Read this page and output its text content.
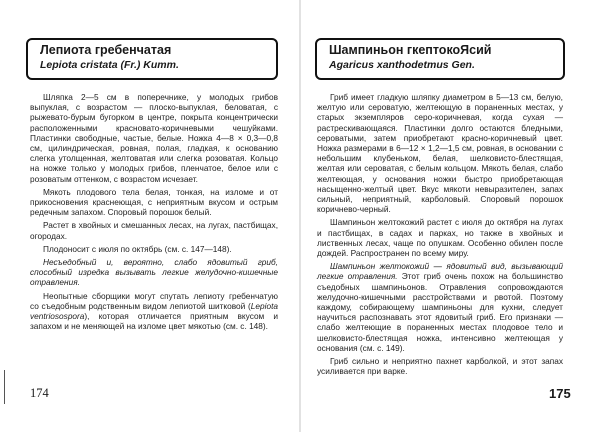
Лепиота гребенчатая
Lepiota cristata (Fr.) Kumm.

Шляпка 2—5 см в поперечнике, у молодых грибов выпуклая, с возрастом — плоско-выпуклая, беловатая, с рыжевато-бурым бугорком в центре, покрыта концентрически расположенными красновато-коричневыми чешуйками. Пластинки свободные, частые, белые. Ножка 4—8 × 0,3—0,8 см, цилиндрическая, ровная, полая, гладкая, к основанию слегка утолщенная, желтоватая или слегка розоватая. Кольцо на ножке только у молодых грибов, пленчатое, белое или с розоватым оттенком, с возрастом исчезает.

Мякоть плодового тела белая, тонкая, на изломе и от прикосновения краснеющая, с неприятным вкусом и острым редечным запахом. Споровый порошок белый.

Растет в хвойных и смешанных лесах, на лугах, пастбищах, огородах.

Плодоносит с июля по октябрь (см. с. 147—148).

Несъедобный и, вероятно, слабо ядовитый гриб, способный изредка вызывать легкие желудочно-кишечные отравления.

Неопытные сборщики могут спутать лепиоту гребенчатую со съедобным родственным видом лепиотой шитковой (Lepiota ventriosospora), которая отличается приятным вкусом и запахом и не меняющей на изломе цвет мякотью (см. с. 148).

174
Шампиньон гкептокоЯсий
Agaricus xanthodetmus Gen.

Гриб имеет гладкую шляпку диаметром в 5—13 см, белую, желтую или сероватую, желтеющую в пораненных местах, у старых экземпляров серо-коричневая, когда сухая — растрескивающаяся. Пластинки долго остаются бледными, сероватыми, затем приобретают красно-коричневый цвет. Ножка размерами в 6—12 × 1,2—1,5 см, ровная, в основании с небольшим клубеньком, белая, шелковисто-блестящая, желтая или сероватая, с белым кольцом. Мякоть белая, слабо желтеющая, у основания ножки быстро приобретающая насыщенно-желтый цвет. Вкус мякоти невыразителен, запах сильный, неприятный, карболовый. Споровый порошок коричнево-черный.

Шампиньон желтокожий растет с июля до октября на лугах и пастбищах, в садах и парках, но также в хвойных и лиственных лесах, чаще по опушкам. Особенно обилен после дождей. Распространен по всему миру.

Шампиньон желтокожий — ядовитый вид, вызывающий легкие отравления. Этот гриб очень похож на большинство съедобных шампиньонов. Отравления сопровождаются желудочно-кишечными расстройствами и рвотой. Поэтому каждому, собирающему шампиньоны для кухни, следует научиться распознавать этот ядовитый гриб. Его признаки — слабо желтеющие в пораненных местах плодовое тело и шелковисто-блестящая ножка, интенсивно желтеющая у основания (см. с. 149).

Гриб сильно и неприятно пахнет карболкой, и этот запах усиливается при варке.

175
